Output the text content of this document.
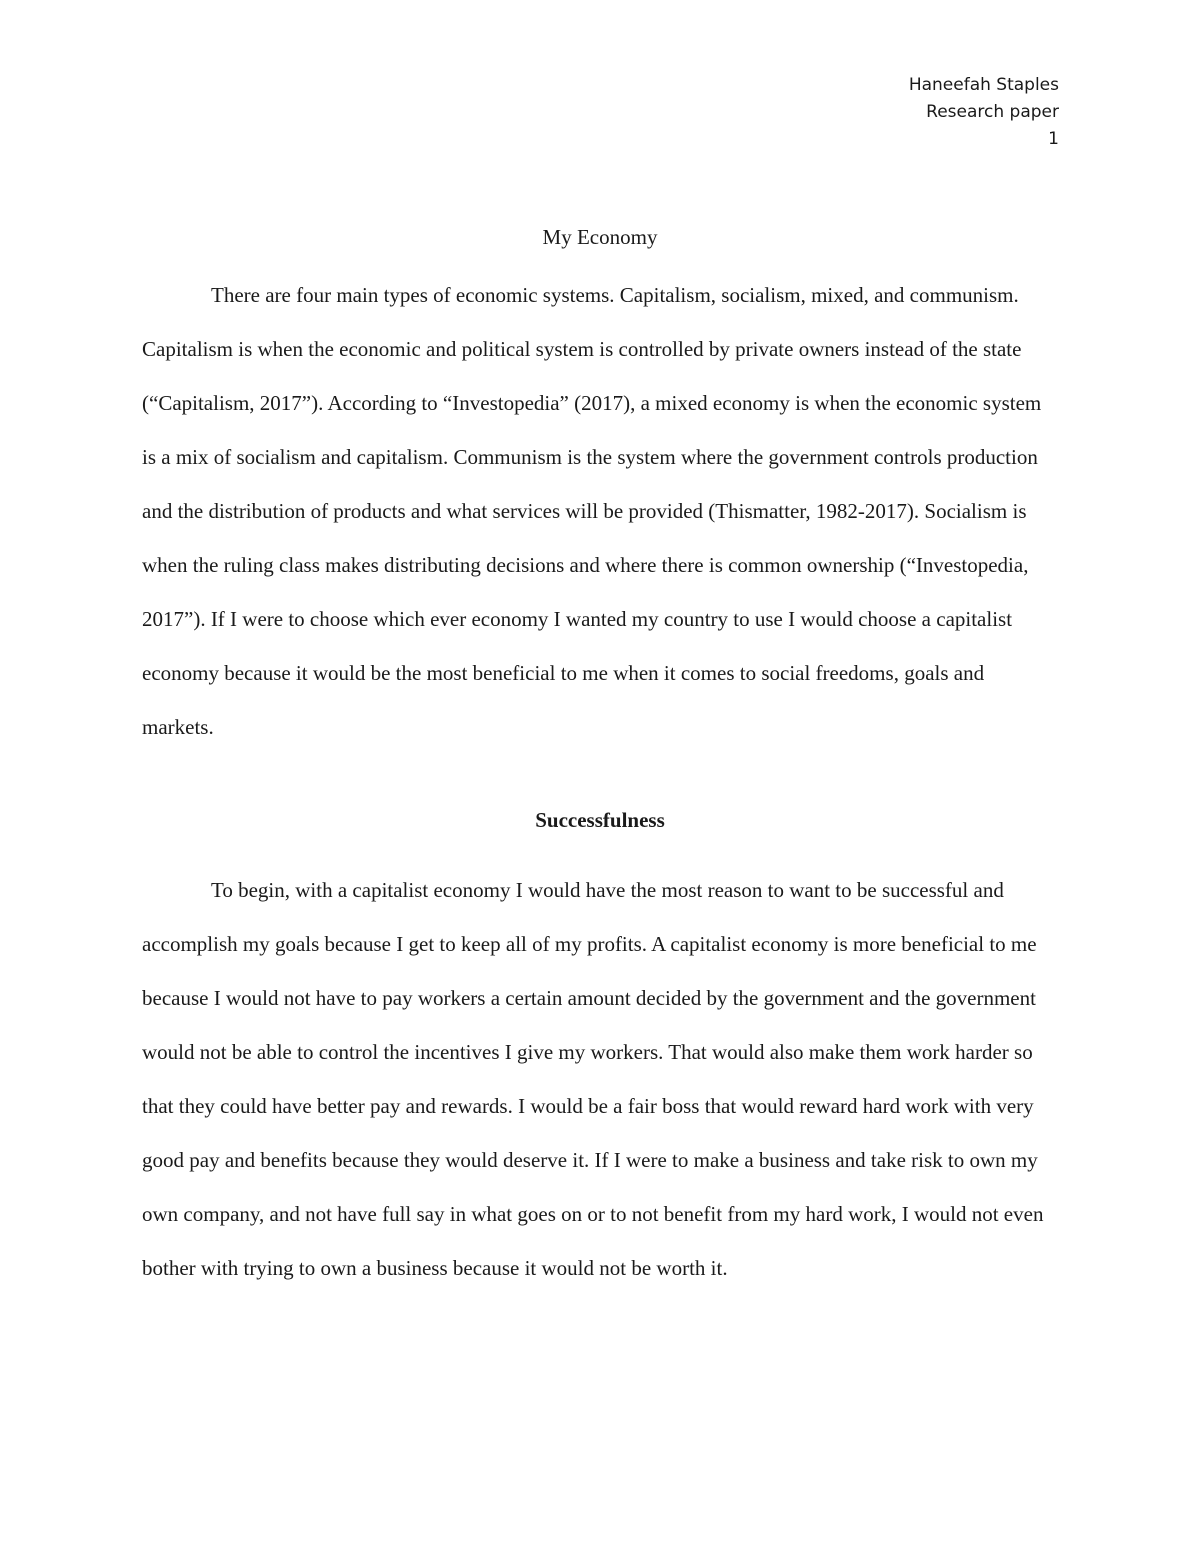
Haneefah Staples
Research paper
1
My Economy

There are four main types of economic systems. Capitalism, socialism, mixed, and communism. Capitalism is when the economic and political system is controlled by private owners instead of the state (“Capitalism, 2017”). According to “Investopedia” (2017), a mixed economy is when the economic system is a mix of socialism and capitalism. Communism is the system where the government controls production and the distribution of products and what services will be provided (Thismatter, 1982-2017). Socialism is when the ruling class makes distributing decisions and where there is common ownership (“Investopedia, 2017”). If I were to choose which ever economy I wanted my country to use I would choose a capitalist economy because it would be the most beneficial to me when it comes to social freedoms, goals and markets.

Successfulness

To begin, with a capitalist economy I would have the most reason to want to be successful and accomplish my goals because I get to keep all of my profits. A capitalist economy is more beneficial to me because I would not have to pay workers a certain amount decided by the government and the government would not be able to control the incentives I give my workers. That would also make them work harder so that they could have better pay and rewards. I would be a fair boss that would reward hard work with very good pay and benefits because they would deserve it. If I were to make a business and take risk to own my own company, and not have full say in what goes on or to not benefit from my hard work, I would not even bother with trying to own a business because it would not be worth it.
